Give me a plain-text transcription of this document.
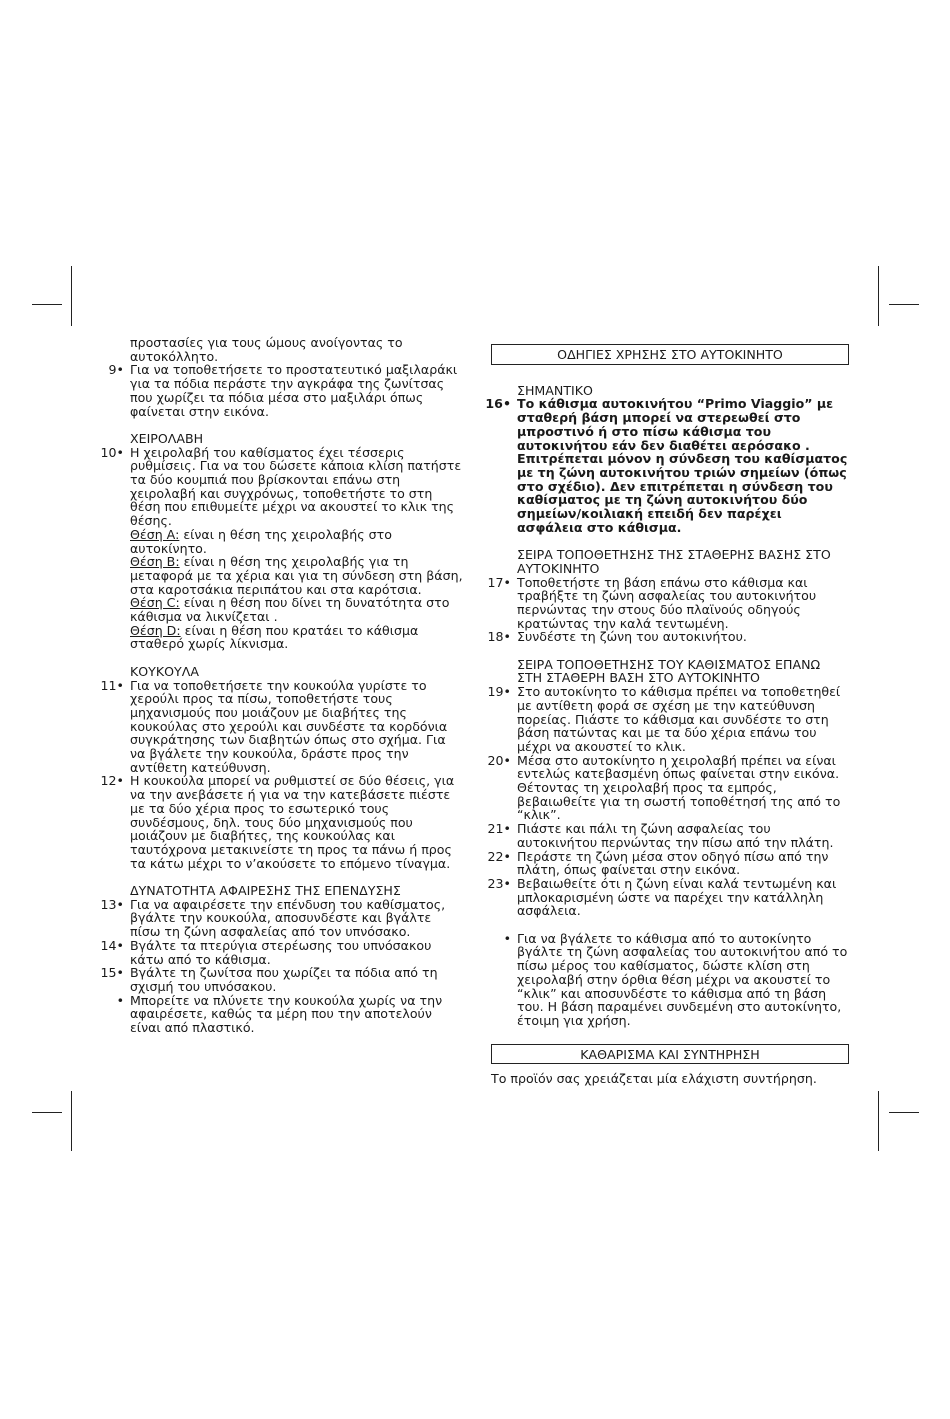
προστασίες για τους ώμους ανοίγοντας το
αυτοκόλλητο.
9• Για να τοποθετήσετε το προστατευτικό μαξιλαράκι για τα πόδια περάστε την αγκράφα της ζωνίτσας που χωρίζει τα πόδια μέσα στο μαξιλάρι όπως φαίνεται στην εικόνα.
ΧΕΙΡΟΛΑΒΗ
10• Η χειρολαβή του καθίσματος έχει τέσσερις ρυθμίσεις. Για να του δώσετε κάποια κλίση πατήστε τα δύο κουμπιά που βρίσκονται επάνω στη χειρολαβή και συγχρόνως, τοποθετήστε το στη θέση που επιθυμείτε μέχρι να ακουστεί το κλικ της θέσης.
Θέση A: είναι η θέση της χειρολαβής στο αυτοκίνητο.
Θέση B: είναι η θέση της χειρολαβής για τη μεταφορά με τα χέρια και για τη σύνδεση στη βάση, στα καροτσάκια περιπάτου και στα καρότσια.
Θέση C: είναι η θέση που δίνει τη δυνατότητα στο κάθισμα να λικνίζεται .
Θέση D: είναι η θέση που κρατάει το κάθισμα σταθερό χωρίς λίκνισμα.
ΚΟΥΚΟΥΛΑ
11• Για να τοποθετήσετε την κουκούλα γυρίστε το χερούλι προς τα πίσω, τοποθετήστε τους μηχανισμούς που μοιάζουν με διαβήτες της κουκούλας στο χερούλι και συνδέστε τα κορδόνια συγκράτησης των διαβητών όπως στο σχήμα. Για να βγάλετε την κουκούλα, δράστε προς την αντίθετη κατεύθυνση.
12• Η κουκούλα μπορεί να ρυθμιστεί σε δύο θέσεις, για να την ανεβάσετε ή για να την κατεβάσετε πιέστε με τα δύο χέρια προς το εσωτερικό τους συνδέσμους, δηλ. τους δύο μηχανισμούς που μοιάζουν με διαβήτες, της κουκούλας και ταυτόχρονα μετακινείστε τη προς τα πάνω ή προς τα κάτω μέχρι το ν’ακούσετε το επόμενο τίναγμα.
ΔΥΝΑΤΟΤΗΤΑ ΑΦΑΙΡΕΣΗΣ ΤΗΣ ΕΠΕΝΔΥΣΗΣ
13• Για να αφαιρέσετε την επένδυση του καθίσματος, βγάλτε την κουκούλα, αποσυνδέστε και βγάλτε πίσω τη ζώνη ασφαλείας από τον υπνόσακο.
14• Βγάλτε τα πτερύγια στερέωσης του υπνόσακου κάτω από το κάθισμα.
15• Βγάλτε τη ζωνίτσα που χωρίζει τα πόδια από τη σχισμή του υπνόσακου.
• Μπορείτε να πλύνετε την κουκούλα χωρίς να την αφαιρέσετε, καθώς τα μέρη που την αποτελούν είναι από πλαστικό.
ΟΔΗΓΙΕΣ ΧΡΗΣΗΣ ΣΤΟ ΑΥΤΟΚΙΝΗΤΟ
ΣΗΜΑΝΤΙΚΟ
16• Το κάθισμα αυτοκινήτου “Primo Viaggio” με σταθερή βάση μπορεί να στερεωθεί στο μπροστινό ή στο πίσω κάθισμα του αυτοκινήτου εάν δεν διαθέτει αερόσακο . Επιτρέπεται μόνον η σύνδεση του καθίσματος με τη ζώνη αυτοκινήτου τριών σημείων (όπως στο σχέδιο). Δεν επιτρέπεται η σύνδεση του καθίσματος με τη ζώνη αυτοκινήτου δύο σημείων/κοιλιακή επειδή δεν παρέχει ασφάλεια στο κάθισμα.
ΣΕΙΡΑ ΤΟΠΟΘΕΤΗΣΗΣ ΤΗΣ ΣΤΑΘΕΡΗΣ ΒΑΣΗΣ ΣΤΟ ΑΥΤΟΚΙΝΗΤΟ
17• Τοποθετήστε τη βάση επάνω στο κάθισμα και τραβήξτε τη ζώνη ασφαλείας του αυτοκινήτου περνώντας την στους δύο πλαϊνούς οδηγούς κρατώντας την καλά τεντωμένη.
18• Συνδέστε τη ζώνη του αυτοκινήτου.
ΣΕΙΡΑ ΤΟΠΟΘΕΤΗΣΗΣ ΤΟΥ ΚΑΘΙΣΜΑΤΟΣ ΕΠΑΝΩ ΣΤΗ ΣΤΑΘΕΡΗ ΒΑΣΗ ΣΤΟ ΑΥΤΟΚΙΝΗΤΟ
19• Στο αυτοκίνητο το κάθισμα πρέπει να τοποθετηθεί με αντίθετη φορά σε σχέση με την κατεύθυνση πορείας. Πιάστε το κάθισμα και συνδέστε το στη βάση πατώντας και με τα δύο χέρια επάνω του μέχρι να ακουστεί το κλικ.
20• Μέσα στο αυτοκίνητο η χειρολαβή πρέπει να είναι εντελώς κατεβασμένη όπως φαίνεται στην εικόνα. Θέτοντας τη χειρολαβή προς τα εμπρός, βεβαιωθείτε για τη σωστή τοποθέτησή της από το “κλικ”.
21• Πιάστε και πάλι τη ζώνη ασφαλείας του αυτοκινήτου περνώντας την πίσω από την πλάτη.
22• Περάστε τη ζώνη μέσα στον οδηγό πίσω από την πλάτη, όπως φαίνεται στην εικόνα.
23• Βεβαιωθείτε ότι η ζώνη είναι καλά τεντωμένη και μπλοκαρισμένη ώστε να παρέχει την κατάλληλη ασφάλεια.
• Για να βγάλετε το κάθισμα από το αυτοκίνητο βγάλτε τη ζώνη ασφαλείας του αυτοκινήτου από το πίσω μέρος του καθίσματος, δώστε κλίση στη χειρολαβή στην όρθια θέση μέχρι να ακουστεί το “κλικ” και αποσυνδέστε το κάθισμα από τη βάση του. Η βάση παραμένει συνδεμένη στο αυτοκίνητο, έτοιμη για χρήση.
ΚΑΘΑΡΙΣΜΑ ΚΑΙ ΣΥΝΤΗΡΗΣΗ
Το προϊόν σας χρειάζεται μία ελάχιστη συντήρηση.
